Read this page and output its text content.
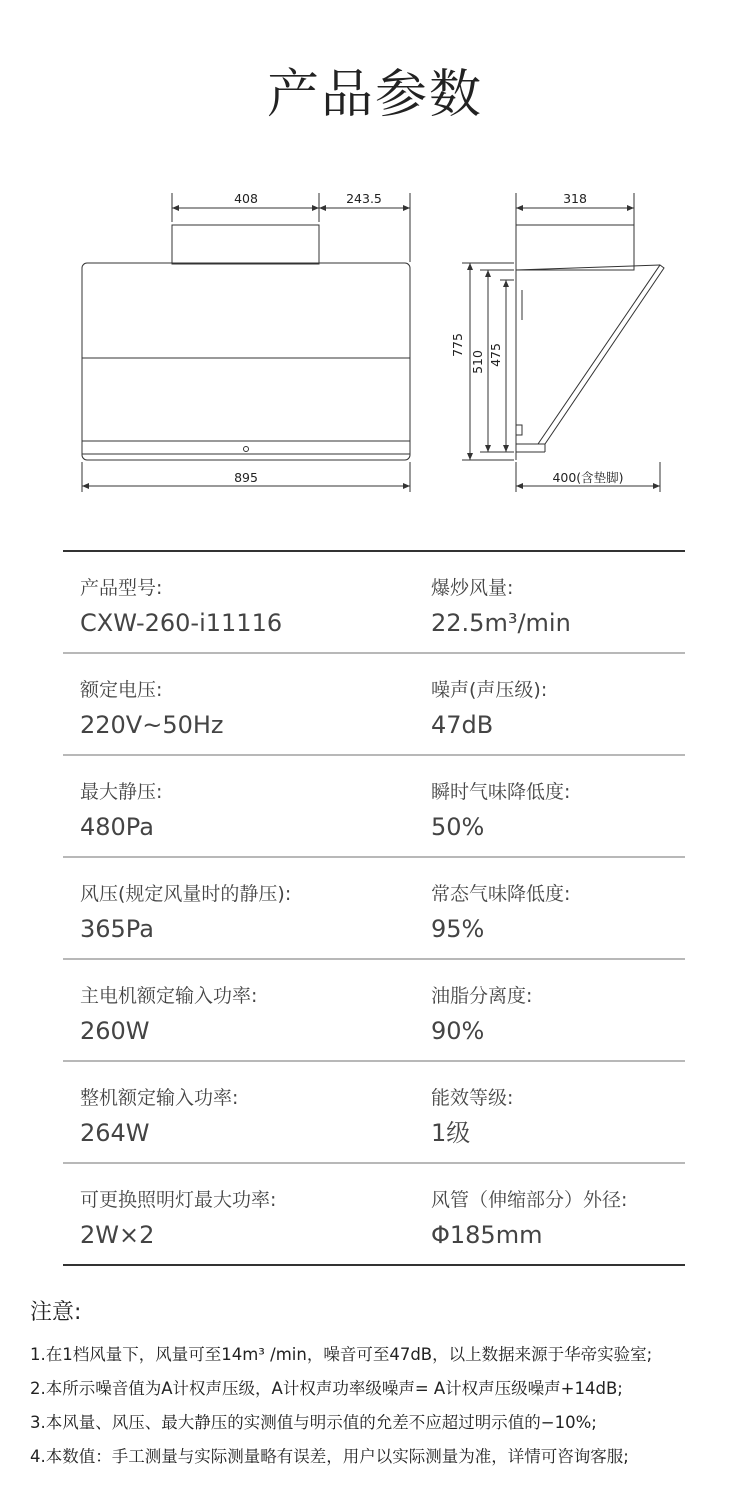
产品参数
408	243.5
895
318
775
510 475
400(含垫脚)
产品型号:
CXW-260-i11116
爆炒风量:
22.5m³/min
额定电压:
220V~50Hz
噪声(声压级):
47dB
最大静压:
480Pa
瞬时气味降低度:
50%
风压(规定风量时的静压):
365Pa
常态气味降低度:
95%
主电机额定输入功率:
260W
油脂分离度:
90%
整机额定输入功率:
264W
能效等级:
1级
可更换照明灯最大功率:
2W×2
风管（伸缩部分）外径:
Φ185mm
注意:
1.在1档风量下，风量可至14m³ /min，噪音可至47dB，以上数据来源于华帝实验室;
2.本所示噪音值为A计权声压级，A计权声功率级噪声= A计权声压级噪声+14dB;
3.本风量、风压、最大静压的实测值与明示值的允差不应超过明示值的−10%;
4.本数值：手工测量与实际测量略有误差，用户以实际测量为准，详情可咨询客服;
